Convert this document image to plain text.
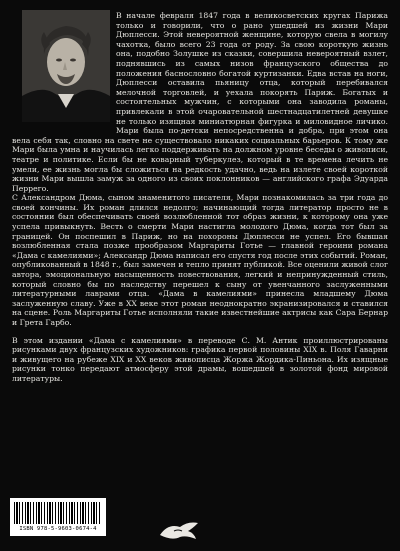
В начале февраля 1847 года в великосветских кругах Парижа только и говорили, что о рано ушедшей из жизни Мари Дюплесси. Этой невероятной женщине, которую свела в могилу чахотка, было всего 23 года от роду. За свою короткую жизнь она, подобно Золушке из сказки, совершила невероятный взлет, поднявшись из самых низов французского общества до положения баснословно богатой куртизанки. Едва встав на ноги, Дюплесси оставила пьяницу отца, который перебивался мелочной торговлей, и уехала покорять Париж. Богатых и состоятельных мужчин, с которыми она заводила романы, привлекали в этой очаровательной шестнадцатилетней девушке не только изящная миниатюрная фигурка и миловидное личико. Мари была по-детски непосредственна и добра, при этом она вела себя так, словно на свете не существовало никаких социальных барьеров. К тому же Мари была умна и научилась легко поддерживать на должном уровне беседы о живописи, театре и политике. Если бы не коварный туберкулез, который в те времена лечить не умели, ее жизнь могла бы сложиться на редкость удачно, ведь на излете своей короткой жизни Мари вышла замуж за одного из своих поклонников — английского графа Эдуарда Перрего.

С Александром Дюма, сыном знаменитого писателя, Мари познакомилась за три года до своей кончины. Их роман длился недолго; начинающий тогда литератор просто не в состоянии был обеспечивать своей возлюбленной тот образ жизни, к которому она уже успела привыкнуть. Весть о смерти Мари настигла молодого Дюма, когда тот был за границей. Он поспешил в Париж, но на похороны Дюплесси не успел. Его бывшая возлюбленная стала позже прообразом Маргариты Готье — главной героини романа «Дама с камелиями»; Александр Дюма написал его спустя год после этих событий. Роман, опубликованный в 1848 г., был замечен и тепло принят публикой. Все оценили живой слог автора, эмоциональную насыщенность повествования, легкий и непринужденный стиль, который словно бы по наследству перешел к сыну от увенчанного заслуженными литературными лаврами отца. «Дама в камелиями» принесла младшему Дюма заслуженную славу. Уже в XX веке этот роман неоднократно экранизировался и ставился на сцене. Роль Маргариты Готье исполняли такие известнейшие актрисы как Сара Бернар и Грета Гарбо.

В этом издании «Дама с камелиями» в переводе С. М. Антик проиллюстрированы рисунками двух французских художников: графика первой половины XIX в. Поля Гаварни и живущего на рубеже XIX и XX веков живописца Жоржа Жордика-Пиньона. Их изящные рисунки тонко передают атмосферу этой драмы, вошедшей в золотой фонд мировой литературы.

ISBN 978-5-9603-0674-4
